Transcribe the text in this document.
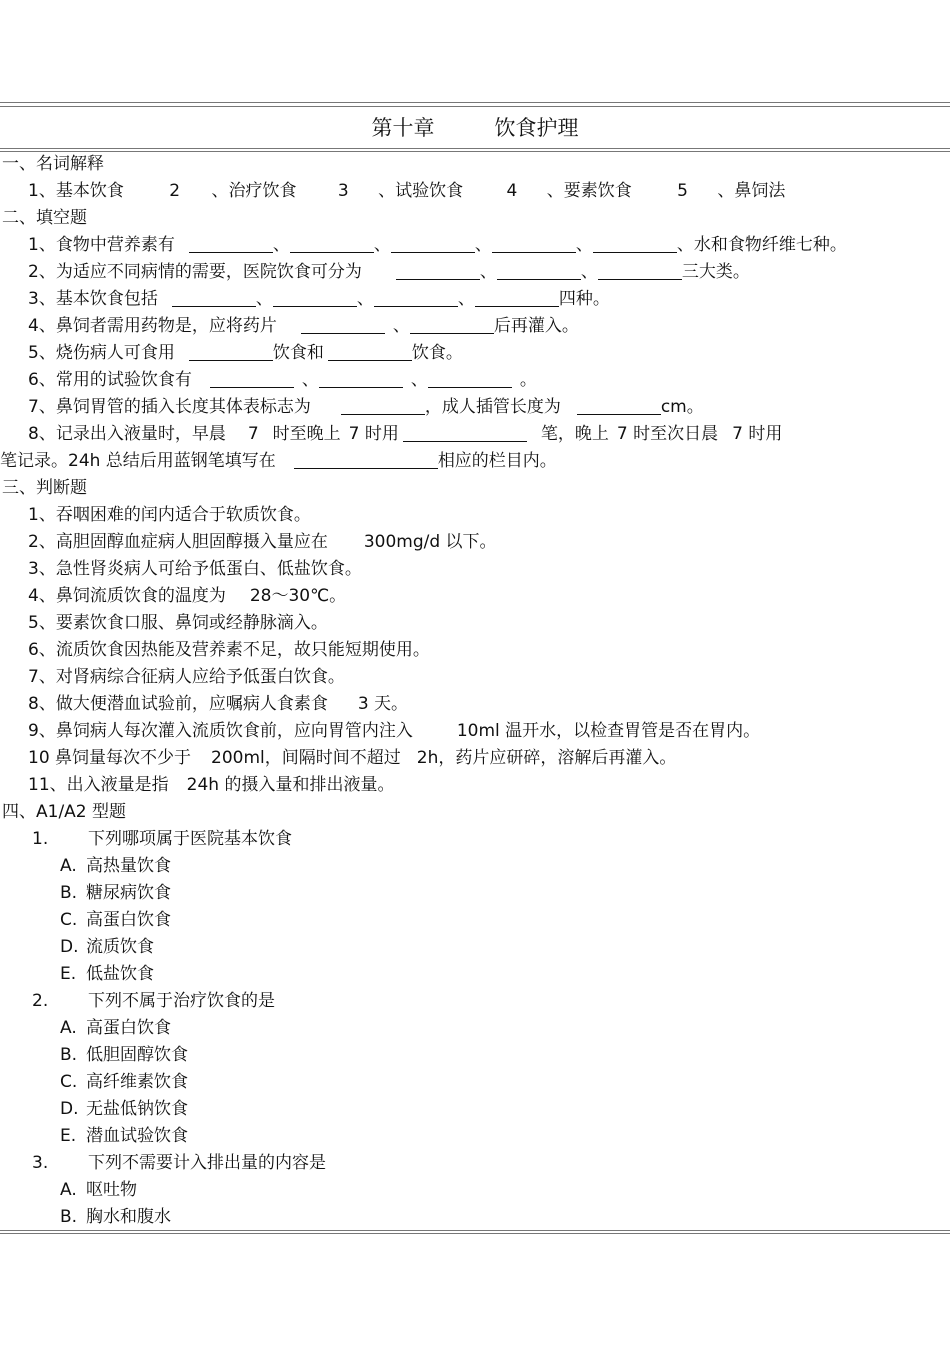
第十章	饮食护理
一、名词解释
1、基本饮食	2 、治疗饮食 3 、试验饮食	4 、要素饮食	5 、鼻饲法
二、填空题
1、食物中营养素有	、	、	、	、	、水和食物纤维七种。
2、为适应不同病情的需要，医院饮食可分为	、	、	三大类。
3、基本饮食包括	、	、	、	四种。
4、鼻饲者需用药物是，应将药片	、	后再灌入。
5、烧伤病人可食用	饮食和	饮食。
6、常用的试验饮食有	、	、	。
7、鼻饲胃管的插入长度其体表标志为	，成人插管长度为	cm。
8、记录出入液量时，早晨 7 时至晚上 7 时用	笔，晚上 7 时至次日晨 7 时用
笔记录。24h 总结后用蓝钢笔填写在	相应的栏目内。
三、判断题
1、吞咽困难的闰内适合于软质饮食。
2、高胆固醇血症病人胆固醇摄入量应在 300mg/d 以下。
3、急性肾炎病人可给予低蛋白、低盐饮食。
4、鼻饲流质饮食的温度为 28～30℃。
5、要素饮食口服、鼻饲或经静脉滴入。
6、流质饮食因热能及营养素不足，故只能短期使用。
7、对肾病综合征病人应给予低蛋白饮食。
8、做大便潜血试验前，应嘱病人食素食 3 天。
9、鼻饲病人每次灌入流质饮食前，应向胃管内注入	10ml 温开水，以检查胃管是否在胃内。
10 鼻饲量每次不少于 200ml，间隔时间不超过 2h，药片应研碎，溶解后再灌入。
11、出入液量是指 24h 的摄入量和排出液量。
四、A1/A2 型题
1. 下列哪项属于医院基本饮食
A. 高热量饮食
B. 糖尿病饮食
C. 高蛋白饮食
D. 流质饮食
E. 低盐饮食
2. 下列不属于治疗饮食的是
A. 高蛋白饮食
B. 低胆固醇饮食
C. 高纤维素饮食
D. 无盐低钠饮食
E. 潜血试验饮食
3. 下列不需要计入排出量的内容是
A. 呕吐物
B. 胸水和腹水
